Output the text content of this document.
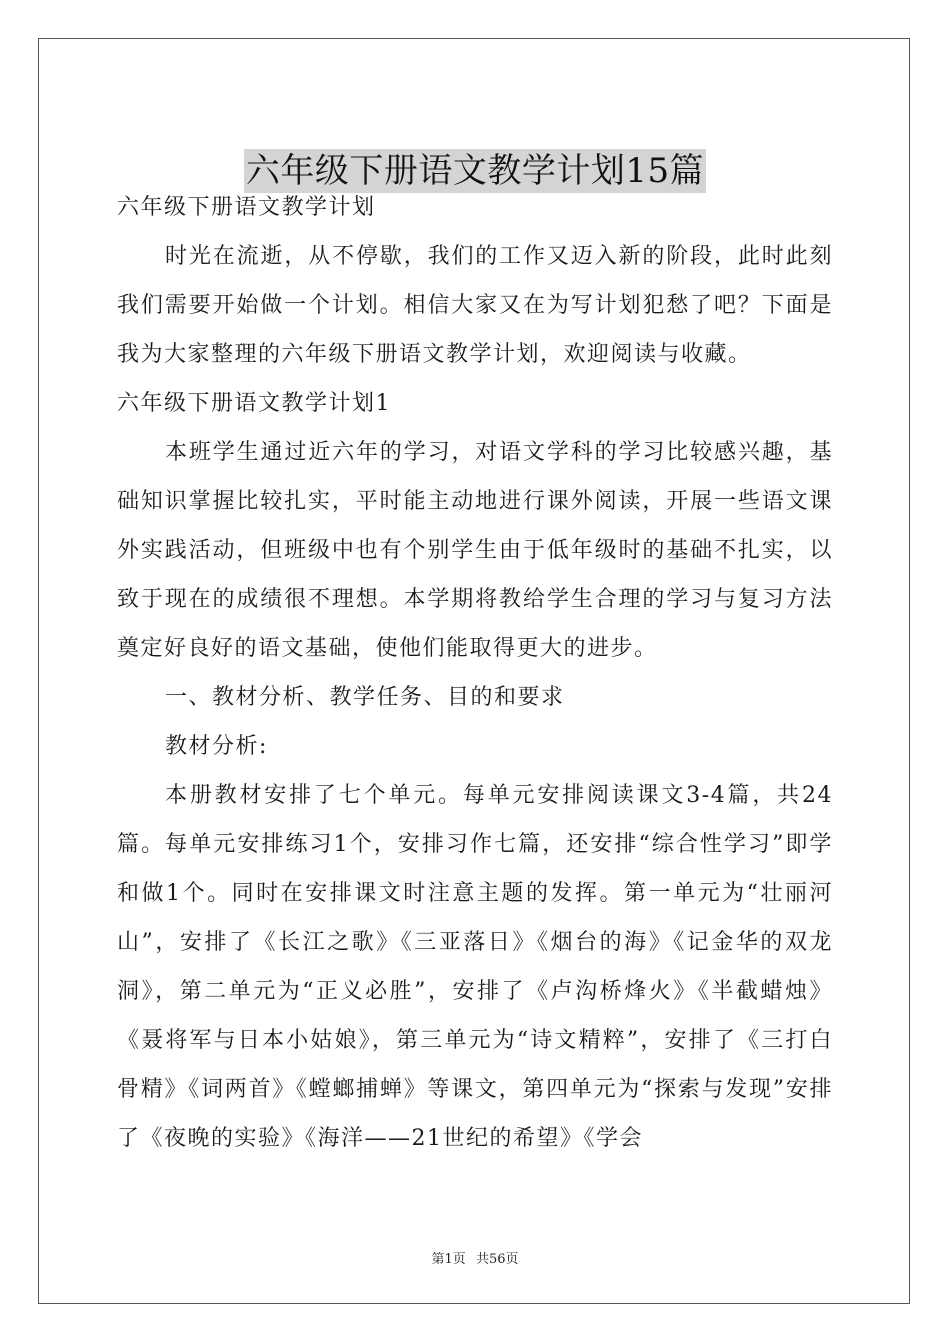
六年级下册语文教学计划15篇

六年级下册语文教学计划

时光在流逝，从不停歇，我们的工作又迈入新的阶段，此时此刻我们需要开始做一个计划。相信大家又在为写计划犯愁了吧？下面是我为大家整理的六年级下册语文教学计划，欢迎阅读与收藏。

六年级下册语文教学计划1

本班学生通过近六年的学习，对语文学科的学习比较感兴趣，基础知识掌握比较扎实，平时能主动地进行课外阅读，开展一些语文课外实践活动，但班级中也有个别学生由于低年级时的基础不扎实，以致于现在的成绩很不理想。本学期将教给学生合理的学习与复习方法奠定好良好的语文基础，使他们能取得更大的进步。

一、教材分析、教学任务、目的和要求

教材分析:

本册教材安排了七个单元。每单元安排阅读课文3-4篇，共24篇。每单元安排练习1个，安排习作七篇，还安排“综合性学习”即学和做1个。同时在安排课文时注意主题的发挥。第一单元为“壮丽河山”，安排了《长江之歌》《三亚落日》《烟台的海》《记金华的双龙洞》，第二单元为“正义必胜”，安排了《卢沟桥烽火》《半截蜡烛》《聂将军与日本小姑娘》，第三单元为“诗文精粹”，安排了《三打白骨精》《词两首》《螳螂捕蝉》等课文，第四单元为“探索与发现”安排了《夜晚的实验》《海洋——21世纪的希望》《学会

第1页 共56页
